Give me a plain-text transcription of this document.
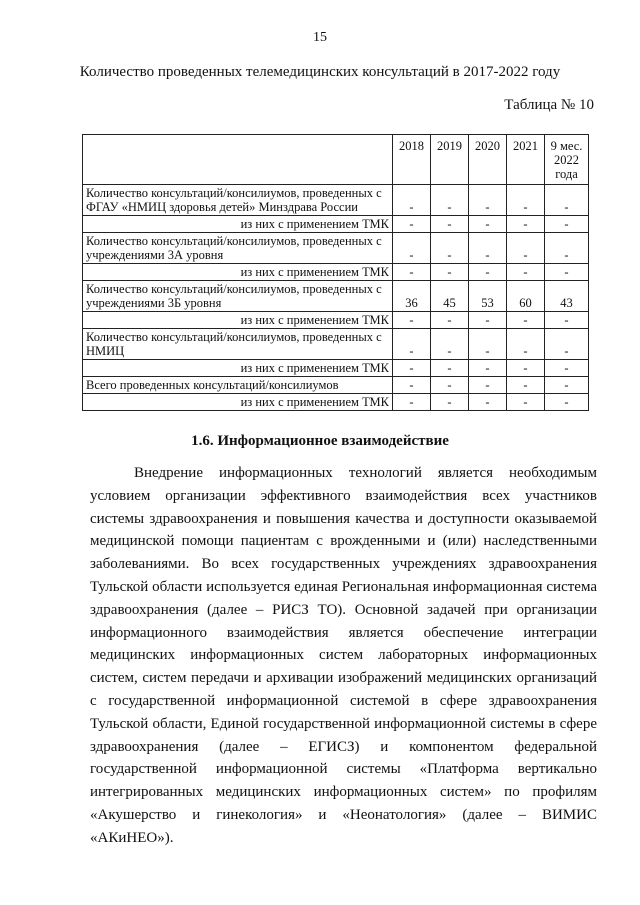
15
Количество проведенных телемедицинских консультаций в 2017-2022 году
Таблица № 10
	2018	2019	2020	2021	9 мес. 2022 года
Количество консультаций/консилиумов, проведенных с ФГАУ «НМИЦ здоровья детей» Минздрава России	-	-	-	-	-
из них с применением ТМК	-	-	-	-	-
Количество консультаций/консилиумов, проведенных с учреждениями 3А уровня	-	-	-	-	-
из них с применением ТМК	-	-	-	-	-
Количество консультаций/консилиумов, проведенных с учреждениями 3Б уровня	36	45	53	60	43
из них с применением ТМК	-	-	-	-	-
Количество консультаций/консилиумов, проведенных с НМИЦ	-	-	-	-	-
из них с применением ТМК	-	-	-	-	-
Всего проведенных консультаций/консилиумов	-	-	-	-	-
из них с применением ТМК	-	-	-	-	-
1.6. Информационное взаимодействие

Внедрение информационных технологий является необходимым условием организации эффективного взаимодействия всех участников системы здравоохранения и повышения качества и доступности оказываемой медицинской помощи пациентам с врожденными и (или) наследственными заболеваниями. Во всех государственных учреждениях здравоохранения Тульской области используется единая Региональная информационная система здравоохранения (далее – РИСЗ ТО). Основной задачей при организации информационного взаимодействия является обеспечение интеграции медицинских информационных систем лабораторных информационных систем, систем передачи и архивации изображений медицинских организаций с государственной информационной системой в сфере здравоохранения Тульской области, Единой государственной информационной системы в сфере здравоохранения (далее – ЕГИСЗ) и компонентом федеральной государственной информационной системы «Платформа вертикально интегрированных медицинских информационных систем» по профилям «Акушерство и гинекология» и «Неонатология» (далее – ВИМИС «АКиНЕО»).
